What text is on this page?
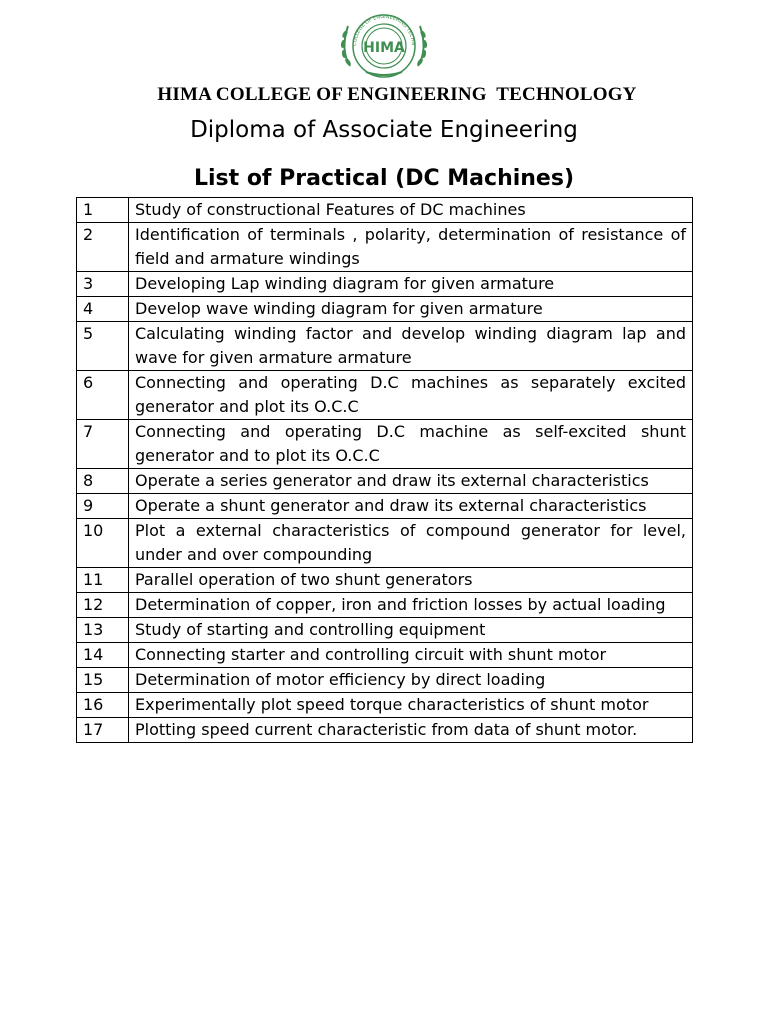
COLLEGE OF ENGINEERING TECHN
HIMA
HIMA COLLEGE OF ENGINEERING  TECHNOLOGY
Diploma of Associate Engineering
List of Practical (DC Machines)
1	Study of constructional Features of DC machines
2	Identification of terminals , polarity, determination of resistance of field and armature windings
3	Developing Lap winding diagram for given armature
4	Develop wave winding diagram for given armature
5	Calculating winding factor and develop winding diagram lap and wave for given armature armature
6	Connecting and operating D.C machines as separately excited generator and plot its O.C.C
7	Connecting and operating D.C machine as self-excited shunt generator and to plot its O.C.C
8	Operate a series generator and draw its external characteristics
9	Operate a shunt generator and draw its external characteristics
10	Plot a external characteristics of compound generator for level, under and over compounding
11	Parallel operation of two shunt generators
12	Determination of copper, iron and friction losses by actual loading
13	Study of starting and controlling equipment
14	Connecting starter and controlling circuit with shunt motor
15	Determination of motor efficiency by direct loading
16	Experimentally plot speed torque characteristics of shunt motor
17	Plotting speed current characteristic from data of shunt motor.
